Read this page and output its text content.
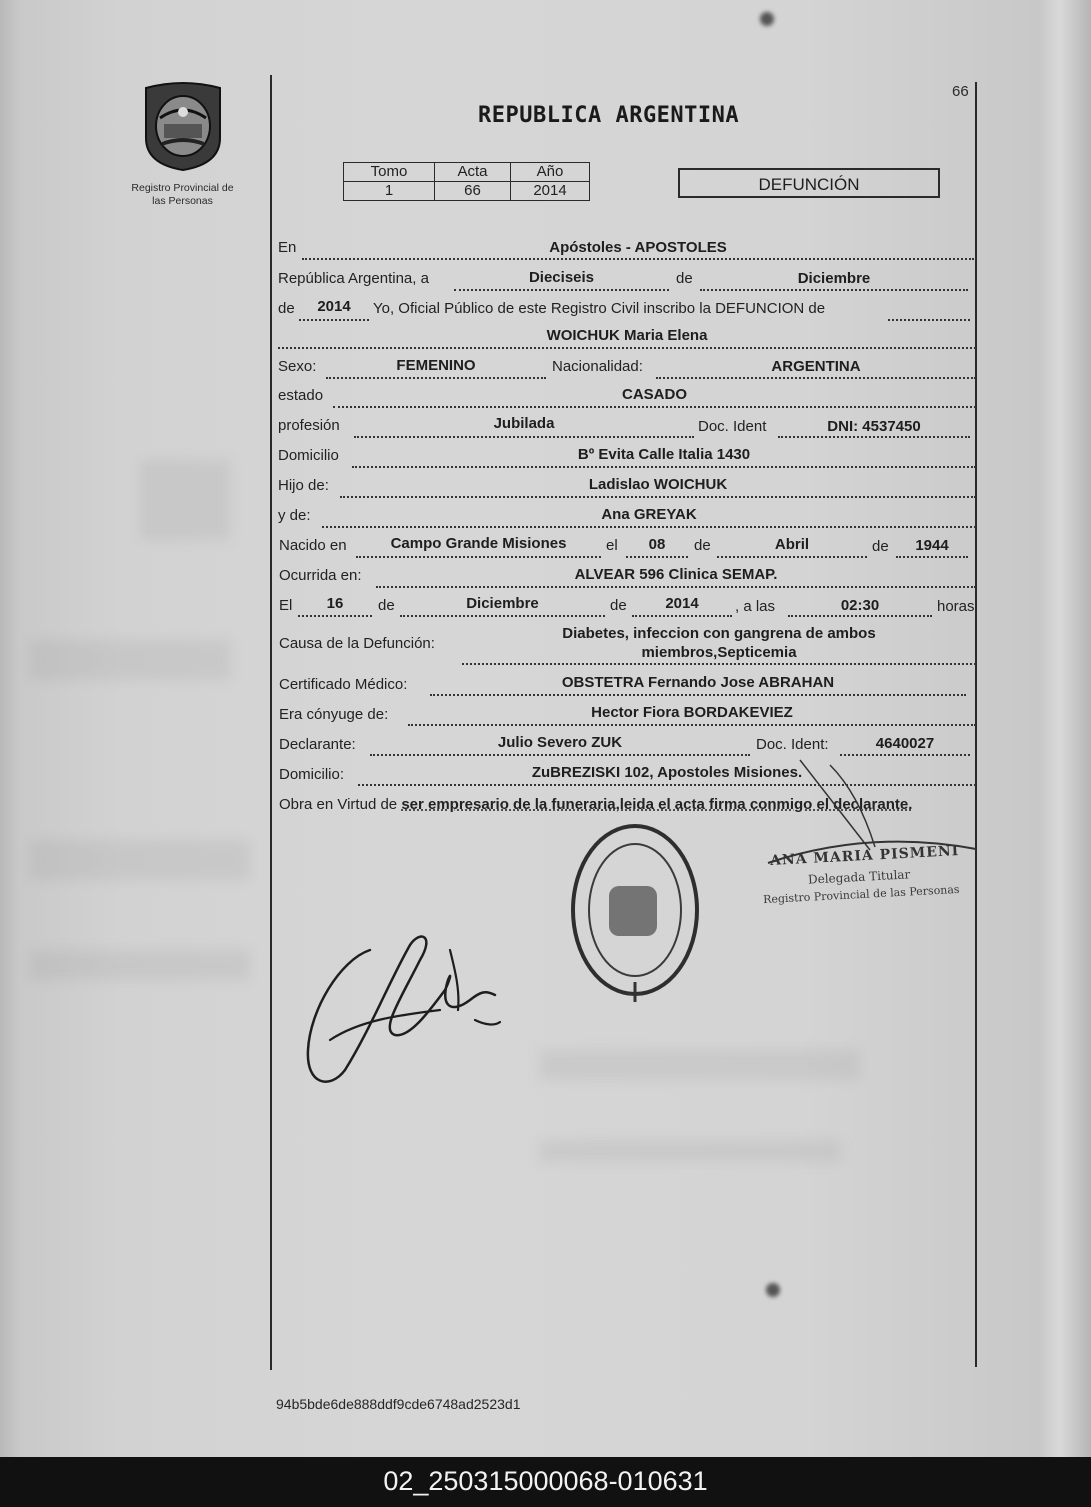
Registro Provincial de
las Personas
66
REPUBLICA ARGENTINA
Tomo	Acta	Año
1	66	2014	DEFUNCIÓN
En	Apóstoles - APOSTOLES
República Argentina, a	Dieciseis	de	Diciembre
de	2014	Yo, Oficial Público de este Registro Civil inscribo la DEFUNCION de
WOICHUK Maria Elena
Sexo:	FEMENINO	Nacionalidad:	ARGENTINA
estado	CASADO
profesión	Jubilada	Doc. Ident	DNI: 4537450
Domicilio	Bº Evita Calle Italia 1430
Hijo de:	Ladislao WOICHUK
y de:	Ana GREYAK
Nacido en	Campo Grande Misiones	el	08	de	Abril	de	1944
Ocurrida en:	ALVEAR 596 Clinica SEMAP.
El	16	de	Diciembre	de	2014	, a las	02:30	horas
Causa de la Defunción:
Diabetes, infeccion con gangrena de ambos
miembros,Septicemia
Certificado Médico:	OBSTETRA Fernando Jose ABRAHAN
Era cónyuge de:	Hector Fiora BORDAKEVIEZ
Declarante:	Julio Severo ZUK	Doc. Ident:	4640027
Domicilio:	ZuBREZISKI 102, Apostoles Misiones.
Obra en Virtud de ser empresario de la funeraria,leida el acta firma conmigo el declarante.
ANA MARIA PISMENI
Delegada Titular
Registro Provincial de las Personas
94b5bde6de888ddf9cde6748ad2523d1
02_250315000068-010631
